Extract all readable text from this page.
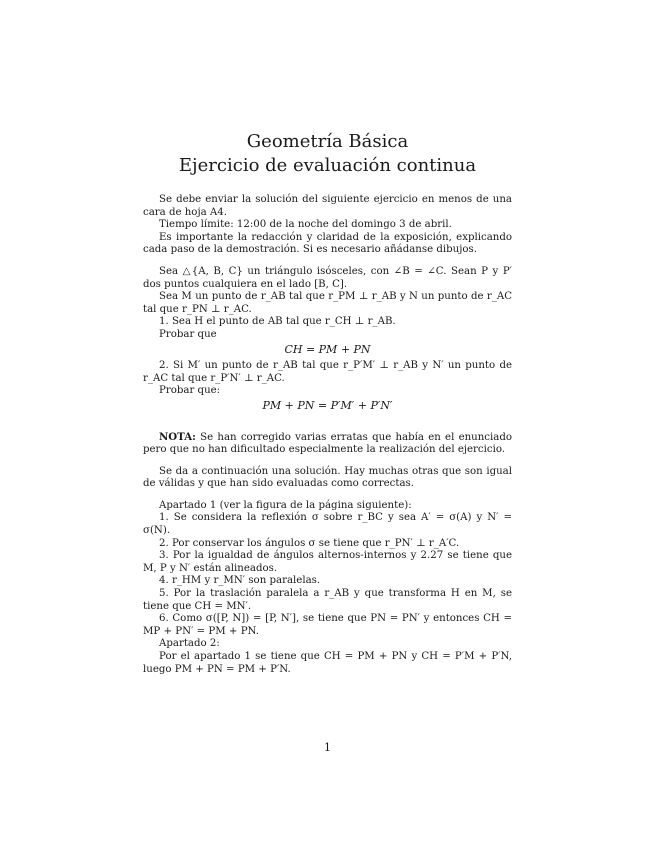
Geometría Básica
Ejercicio de evaluación continua

Se debe enviar la solución del siguiente ejercicio en menos de una cara de hoja A4.

Tiempo límite: 12:00 de la noche del domingo 3 de abril.

Es importante la redacción y claridad de la exposición, explicando cada paso de la demostración. Si es necesario añádanse dibujos.

Sea △{A, B, C} un triángulo isósceles, con ∠B = ∠C. Sean P y P′ dos puntos cualquiera en el lado [B, C].

Sea M un punto de r_AB tal que r_PM ⊥ r_AB y N un punto de r_AC tal que r_PN ⊥ r_AC.

1. Sea H el punto de AB tal que r_CH ⊥ r_AB.

Probar que

CH = PM + PN

2. Si M′ un punto de r_AB tal que r_P′M′ ⊥ r_AB y N′ un punto de r_AC tal que r_P′N′ ⊥ r_AC.

Probar que:

PM + PN = P′M′ + P′N′

NOTA: Se han corregido varias erratas que había en el enunciado pero que no han dificultado especialmente la realización del ejercicio.

Se da a continuación una solución. Hay muchas otras que son igual de válidas y que han sido evaluadas como correctas.

Apartado 1 (ver la figura de la página siguiente):

1. Se considera la reflexión σ sobre r_BC y sea A′ = σ(A) y N′ = σ(N).

2. Por conservar los ángulos σ se tiene que r_PN′ ⊥ r_A′C.

3. Por la igualdad de ángulos alternos-internos y 2.27 se tiene que M, P y N′ están alineados.

4. r_HM y r_MN′ son paralelas.

5. Por la traslación paralela a r_AB y que transforma H en M, se tiene que CH = MN′.

6. Como σ([P, N]) = [P, N′], se tiene que PN = PN′ y entonces CH = MP + PN′ = PM + PN.

Apartado 2:

Por el apartado 1 se tiene que CH = PM + PN y CH = P′M + P′N, luego PM + PN = PM + P′N.

1
